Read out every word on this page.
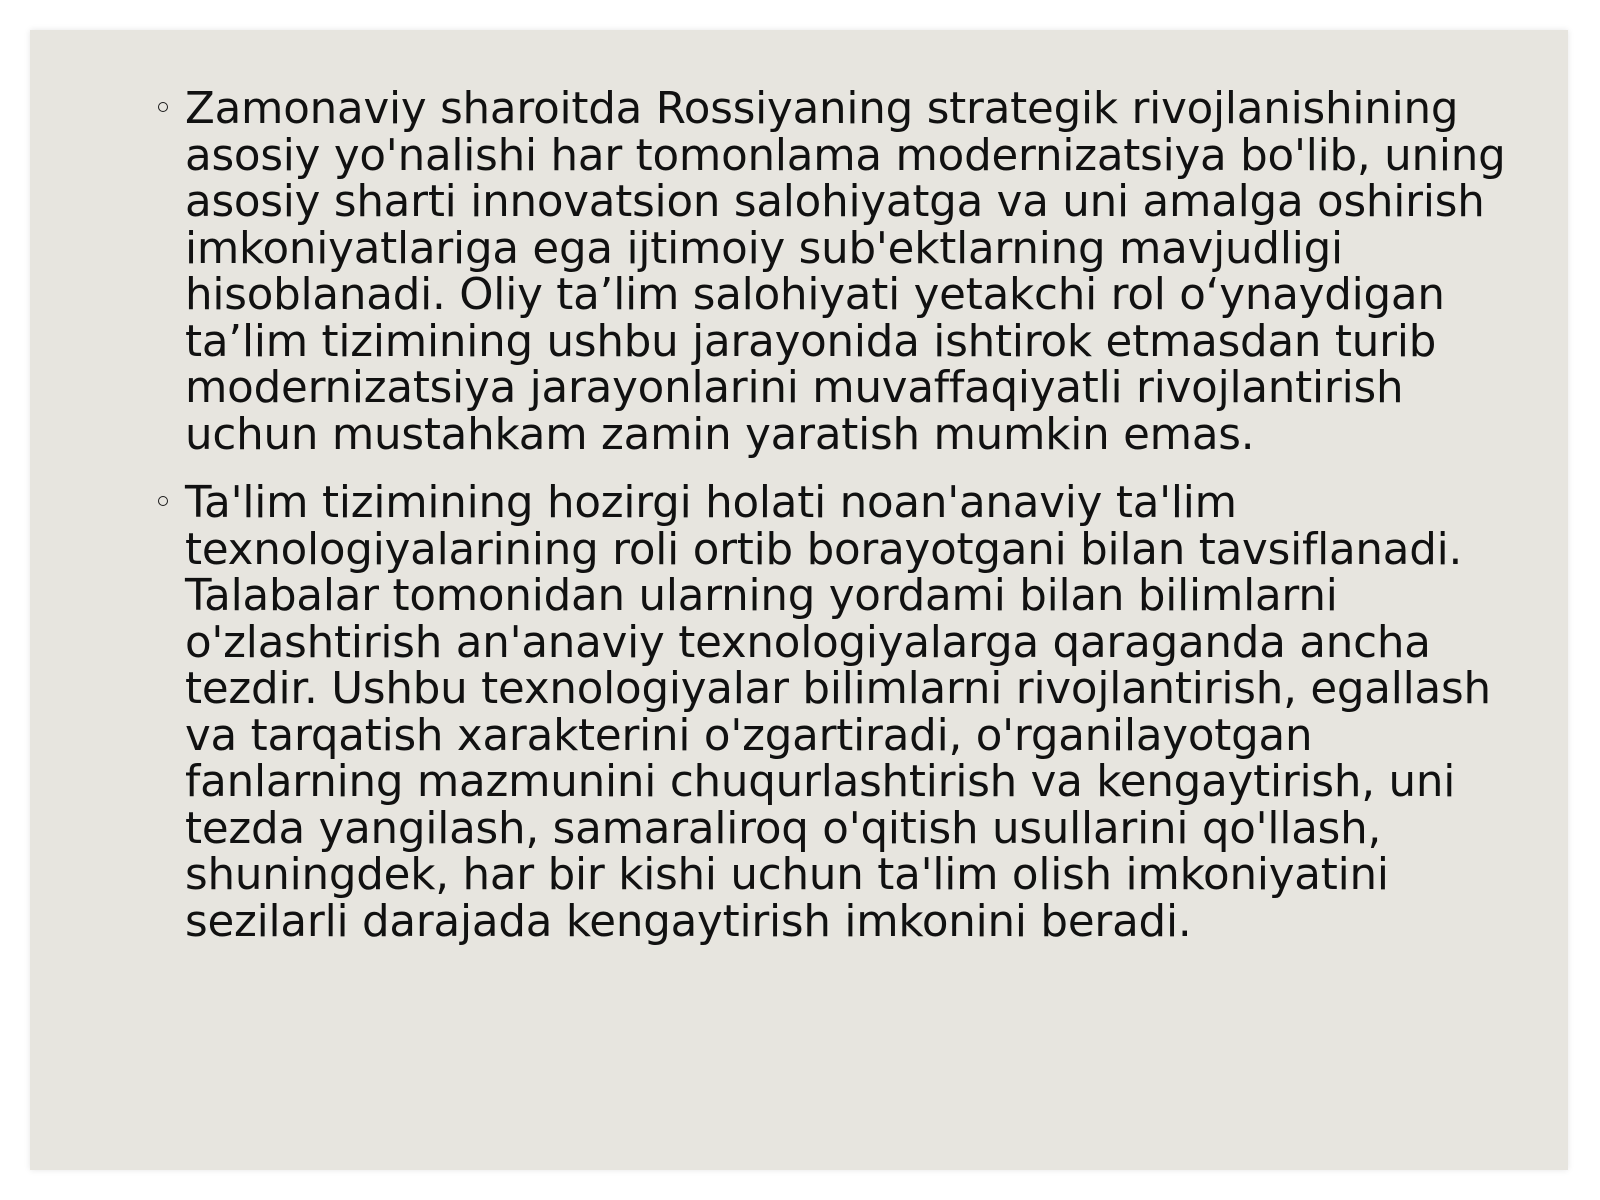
Zamonaviy sharoitda Rossiyaning strategik rivojlanishining asosiy yo'nalishi har tomonlama modernizatsiya bo'lib, uning asosiy sharti innovatsion salohiyatga va uni amalga oshirish imkoniyatlariga ega ijtimoiy sub'ektlarning mavjudligi hisoblanadi. Oliy ta’lim salohiyati yetakchi rol o‘ynaydigan ta’lim tizimining ushbu jarayonida ishtirok etmasdan turib modernizatsiya jarayonlarini muvaffaqiyatli rivojlantirish uchun mustahkam zamin yaratish mumkin emas.

Ta'lim tizimining hozirgi holati noan'anaviy ta'lim texnologiyalarining roli ortib borayotgani bilan tavsiflanadi. Talabalar tomonidan ularning yordami bilan bilimlarni o'zlashtirish an'anaviy texnologiyalarga qaraganda ancha tezdir. Ushbu texnologiyalar bilimlarni rivojlantirish, egallash va tarqatish xarakterini o'zgartiradi, o'rganilayotgan fanlarning mazmunini chuqurlashtirish va kengaytirish, uni tezda yangilash, samaraliroq o'qitish usullarini qo'llash, shuningdek, har bir kishi uchun ta'lim olish imkoniyatini sezilarli darajada kengaytirish imkonini beradi.
